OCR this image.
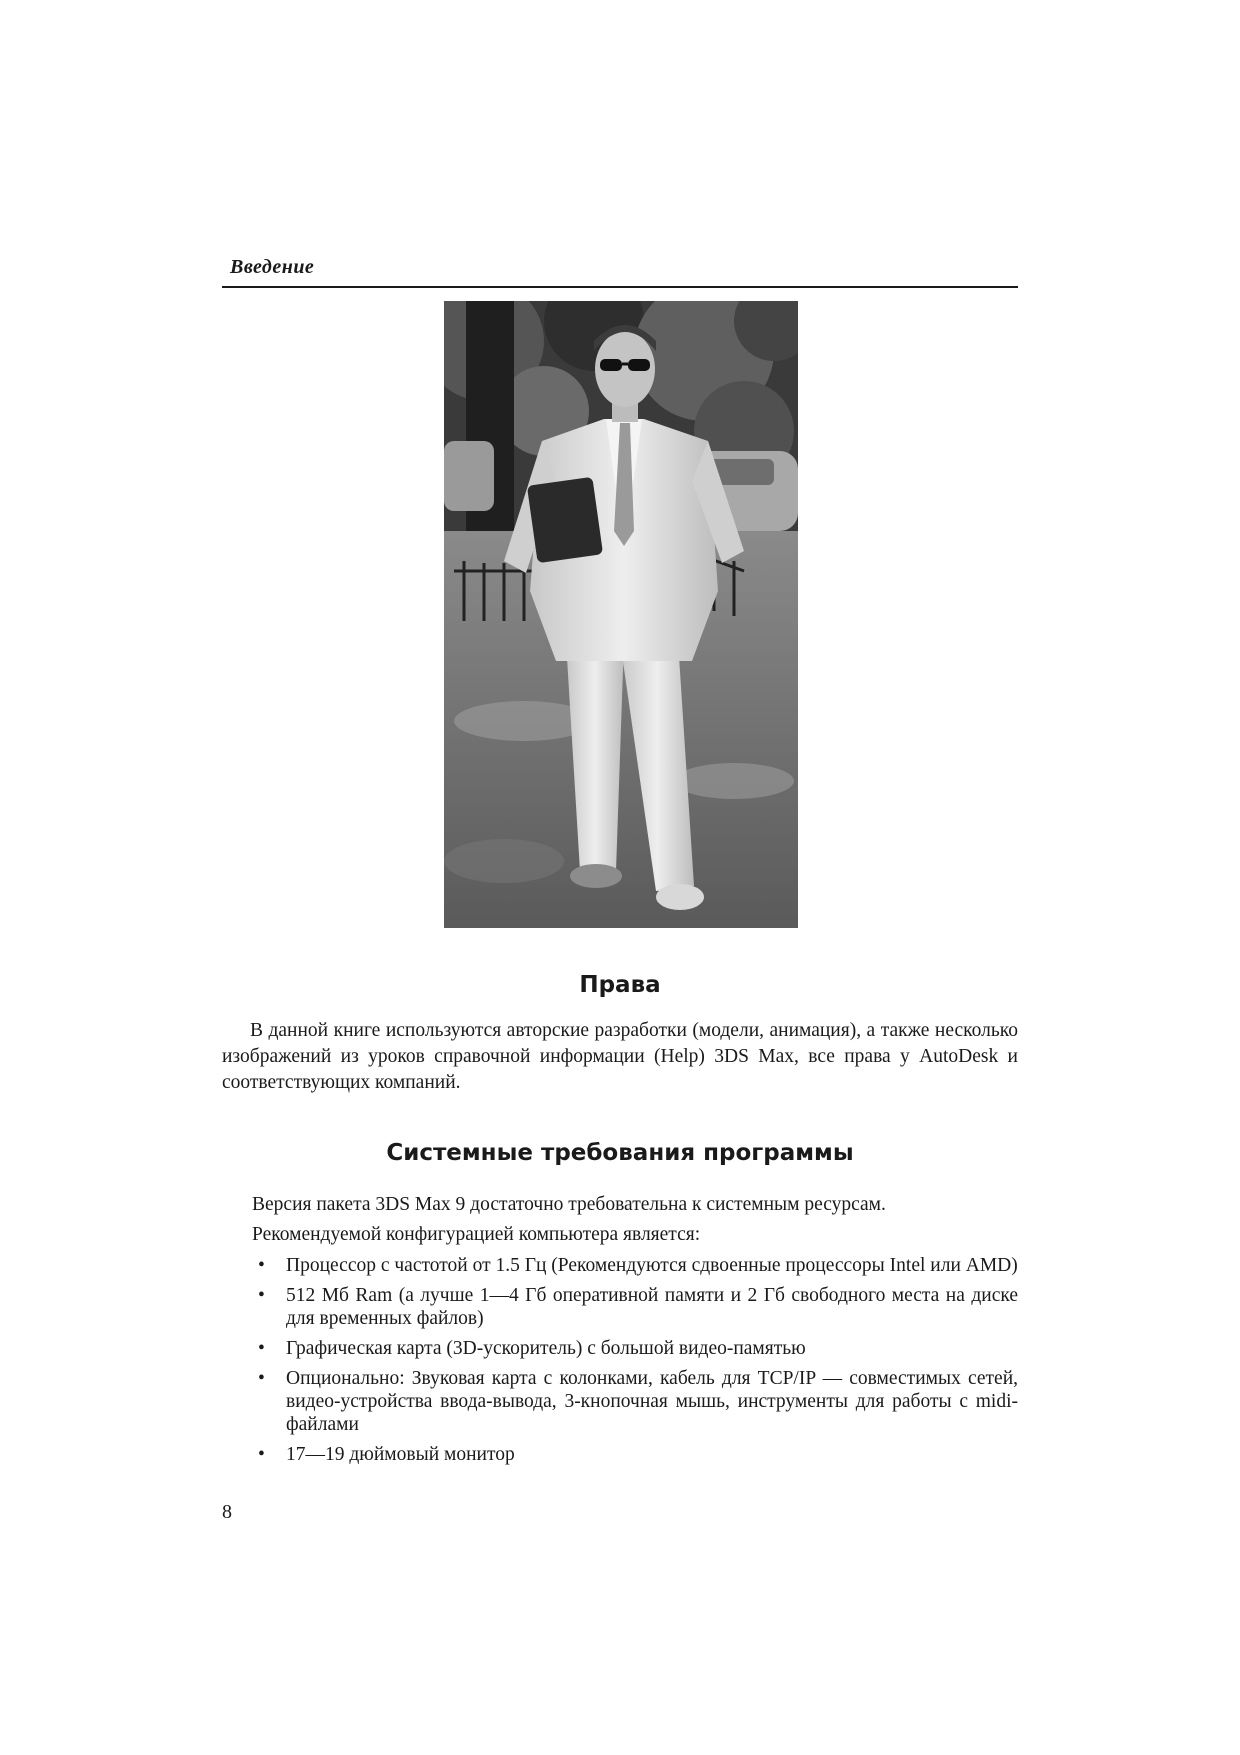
Введение
Права

В данной книге используются авторские разработки (модели, анимация), а также несколько изображений из уроков справочной информации (Help) 3DS Max, все права у AutoDesk и соответствующих компаний.

Системные требования программы
Версия пакета 3DS Max 9 достаточно требовательна к системным ресурсам.
Рекомендуемой конфигурацией компьютера является:
• Процессор с частотой от 1.5 Гц (Рекомендуются сдвоенные процессоры Intel или AMD)
• 512 Мб Ram (а лучше 1—4 Гб оперативной памяти и 2 Гб свободного места на диске для временных файлов)
• Графическая карта (3D-ускоритель) с большой видео-памятью
• Опционально: Звуковая карта с колонками, кабель для TCP/IP — совместимых сетей, видео-устройства ввода-вывода, 3-кнопочная мышь, инструменты для работы с midi-файлами
• 17—19 дюймовый монитор
8
